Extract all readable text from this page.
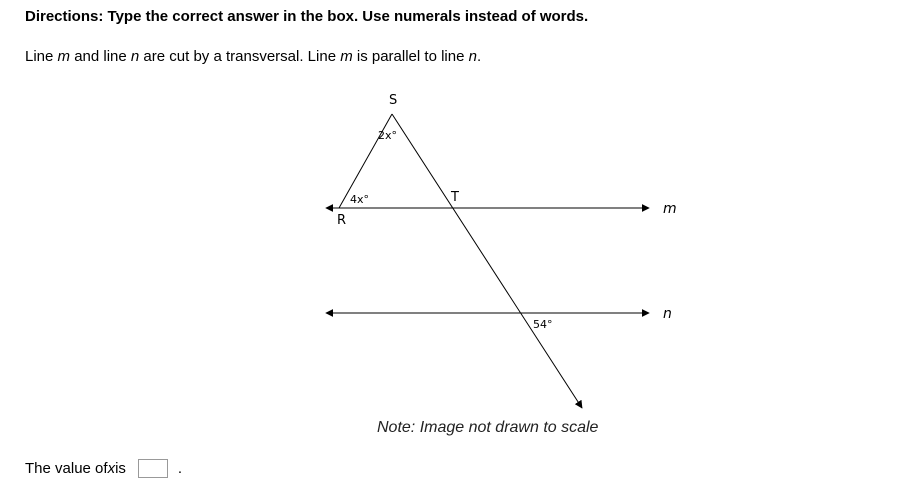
Directions: Type the correct answer in the box. Use numerals instead of words.
Line m and line n are cut by a transversal. Line m is parallel to line n.
S
T
R
m
n
2x°
4x°
54°
Note: Image not drawn to scale
The value of x is	.
